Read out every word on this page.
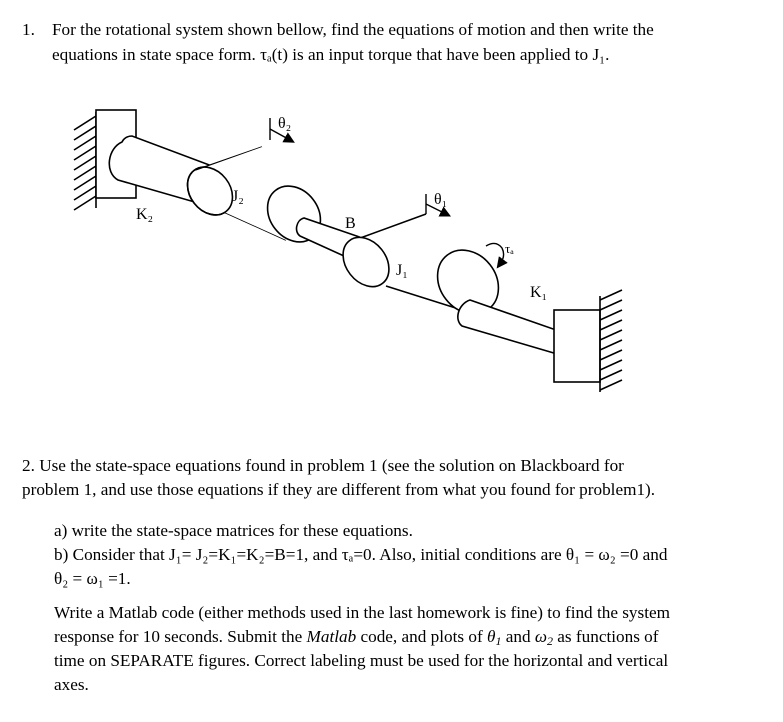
1. For the rotational system shown bellow, find the equations of motion and then write the
equations in state space form. τₐ(t) is an input torque that have been applied to J₁.
θ₂
θ₁
J₂
K₂
B
J₁
τₐ
K₁
2. Use the state-space equations found in problem 1 (see the solution on Blackboard for
problem 1, and use those equations if they are different from what you found for problem1).
a) write the state-space matrices for these equations.
b) Consider that J₁= J₂=K₁=K₂=B=1, and τₐ=0. Also, initial conditions are θ₁ = ω₂ =0 and
θ₂ = ω₁ =1.
Write a Matlab code (either methods used in the last homework is fine) to find the system
response for 10 seconds. Submit the Matlab code, and plots of $\theta_1$ and $\omega_2$ as functions of
time on SEPARATE figures. Correct labeling must be used for the horizontal and vertical
axes.
